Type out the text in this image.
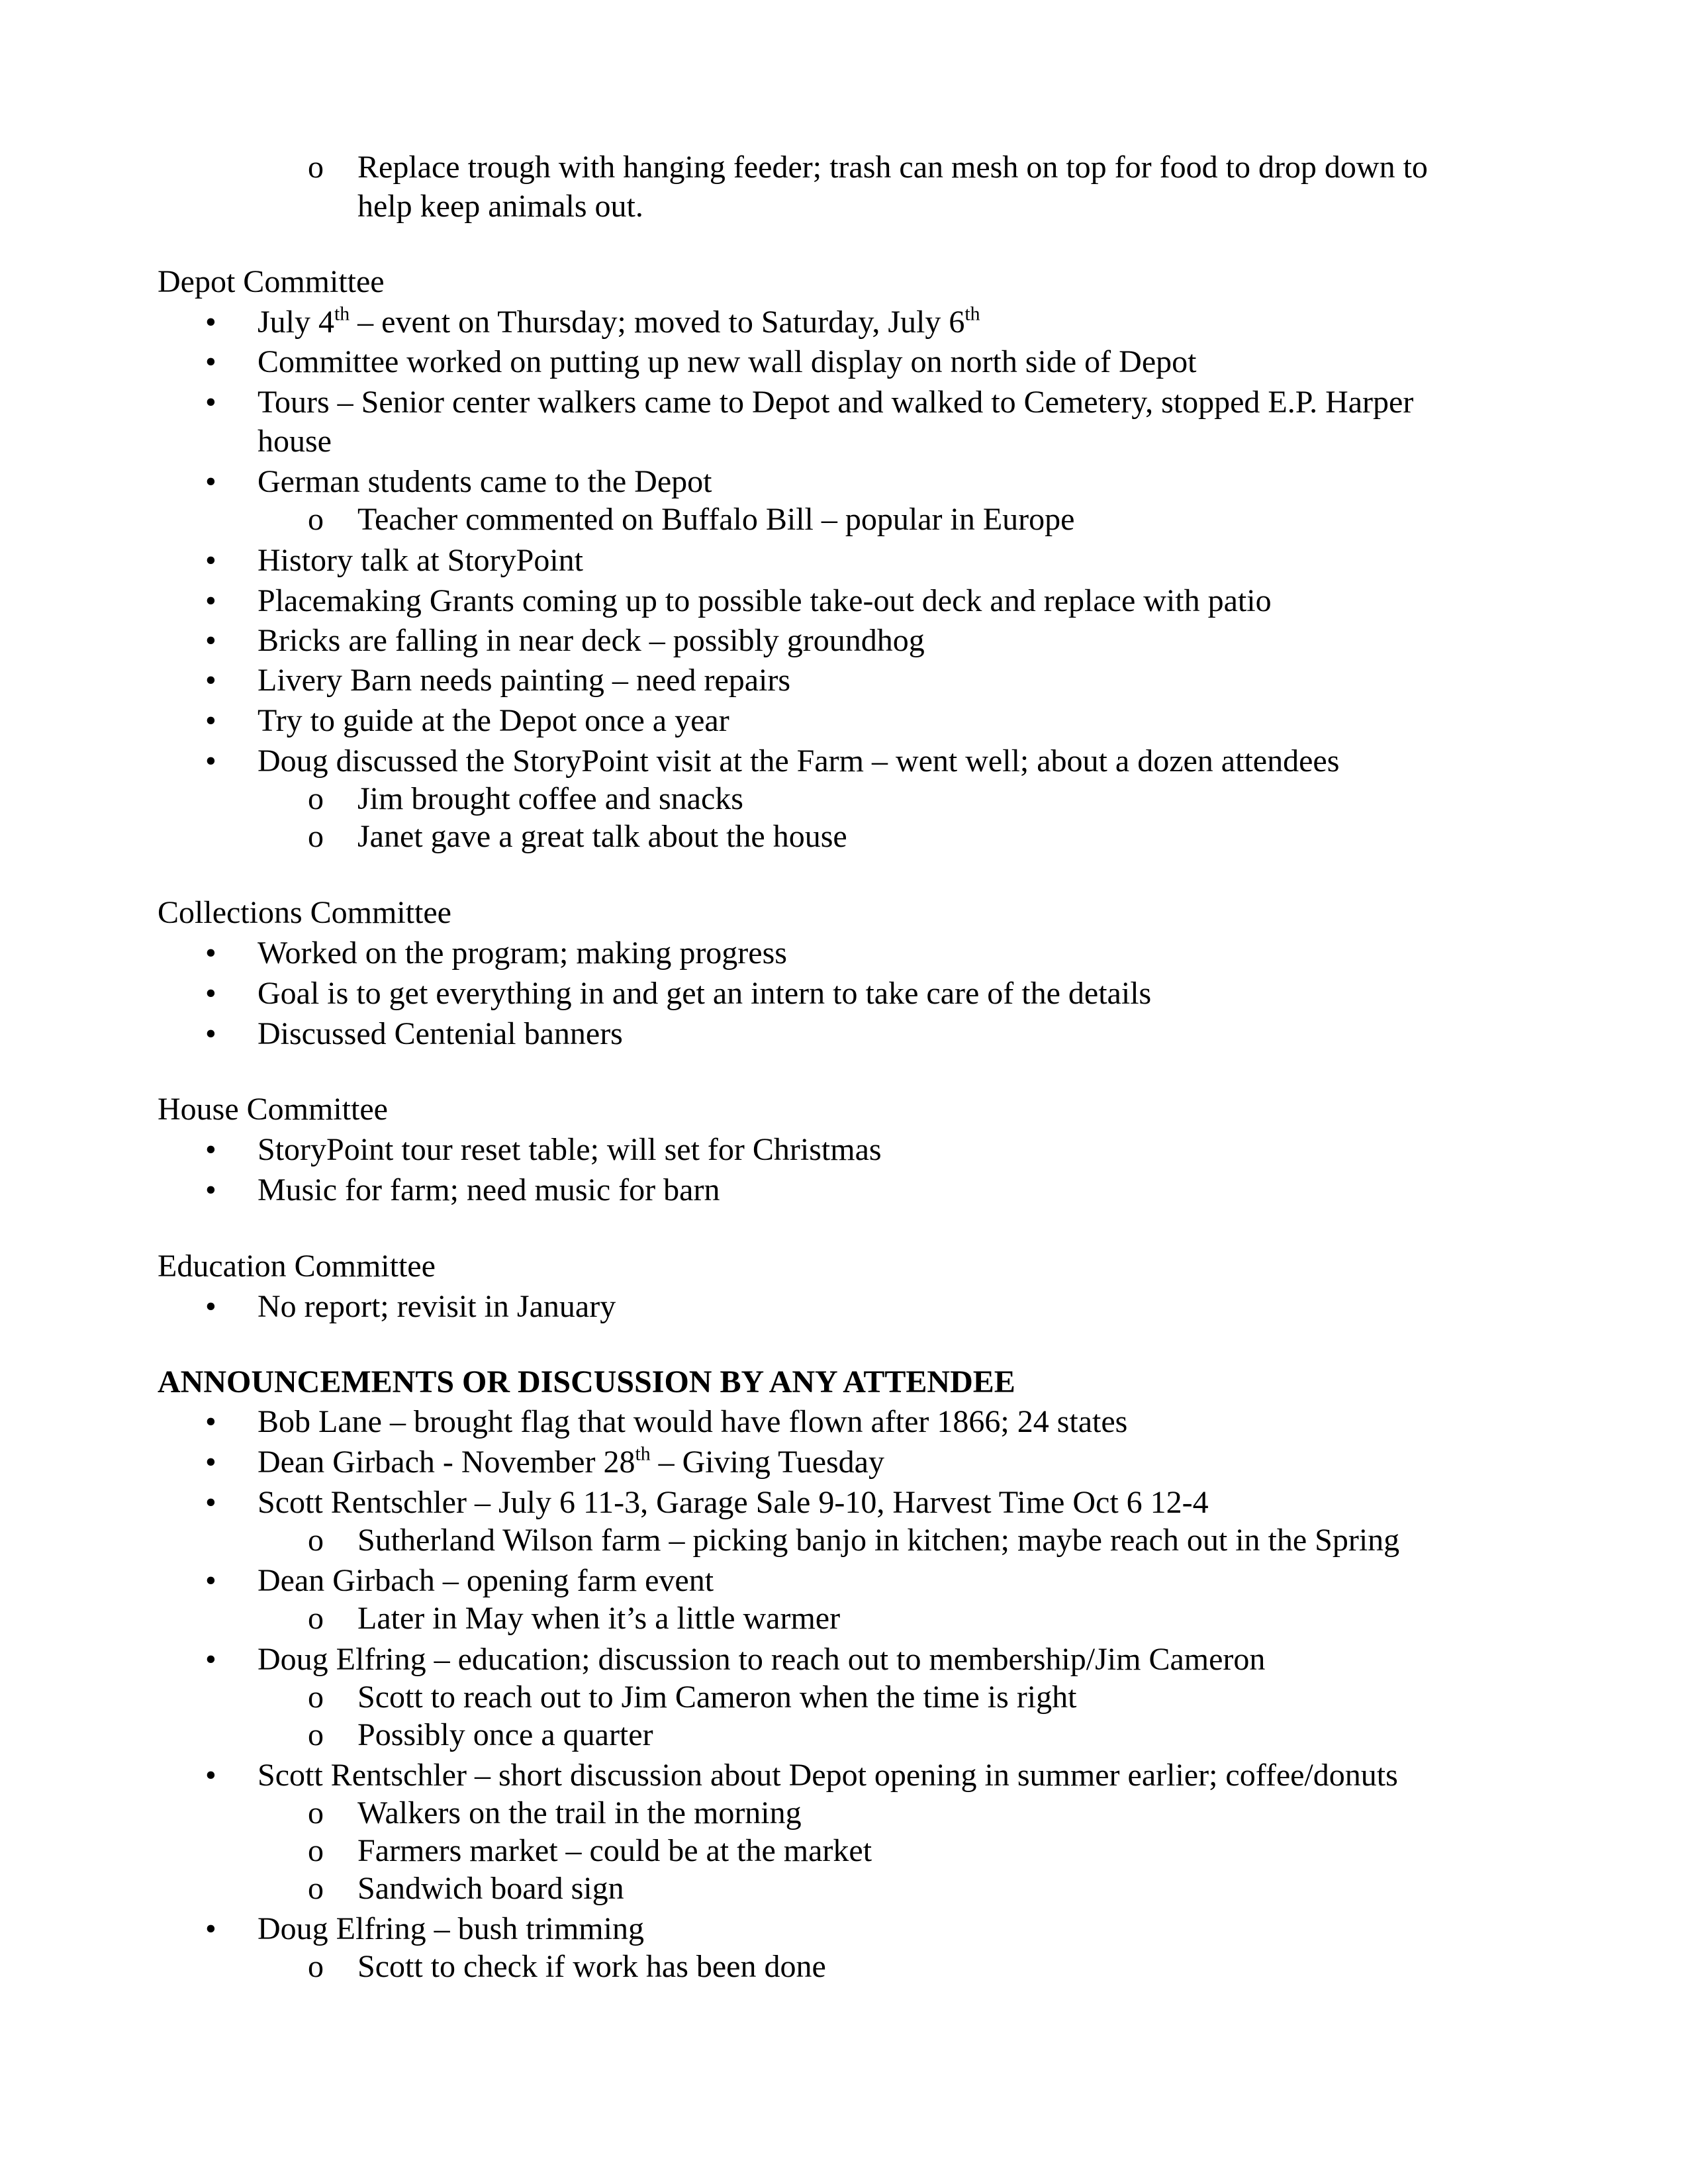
o Replace trough with hanging feeder; trash can mesh on top for food to drop down to
help keep animals out.
Depot Committee
• July 4th – event on Thursday; moved to Saturday, July 6th
• Committee worked on putting up new wall display on north side of Depot
• Tours – Senior center walkers came to Depot and walked to Cemetery, stopped E.P. Harper
house
• German students came to the Depot
o Teacher commented on Buffalo Bill – popular in Europe
• History talk at StoryPoint
• Placemaking Grants coming up to possible take-out deck and replace with patio
• Bricks are falling in near deck – possibly groundhog
• Livery Barn needs painting – need repairs
• Try to guide at the Depot once a year
• Doug discussed the StoryPoint visit at the Farm – went well; about a dozen attendees
o Jim brought coffee and snacks
o Janet gave a great talk about the house
Collections Committee
• Worked on the program; making progress
• Goal is to get everything in and get an intern to take care of the details
• Discussed Centenial banners
House Committee
• StoryPoint tour reset table; will set for Christmas
• Music for farm; need music for barn
Education Committee
• No report; revisit in January
ANNOUNCEMENTS OR DISCUSSION BY ANY ATTENDEE
• Bob Lane – brought flag that would have flown after 1866; 24 states
• Dean Girbach - November 28th – Giving Tuesday
• Scott Rentschler – July 6 11-3, Garage Sale 9-10, Harvest Time Oct 6 12-4
o Sutherland Wilson farm – picking banjo in kitchen; maybe reach out in the Spring
• Dean Girbach – opening farm event
o Later in May when it’s a little warmer
• Doug Elfring – education; discussion to reach out to membership/Jim Cameron
o Scott to reach out to Jim Cameron when the time is right
o Possibly once a quarter
• Scott Rentschler – short discussion about Depot opening in summer earlier; coffee/donuts
o Walkers on the trail in the morning
o Farmers market – could be at the market
o Sandwich board sign
• Doug Elfring – bush trimming
o Scott to check if work has been done
